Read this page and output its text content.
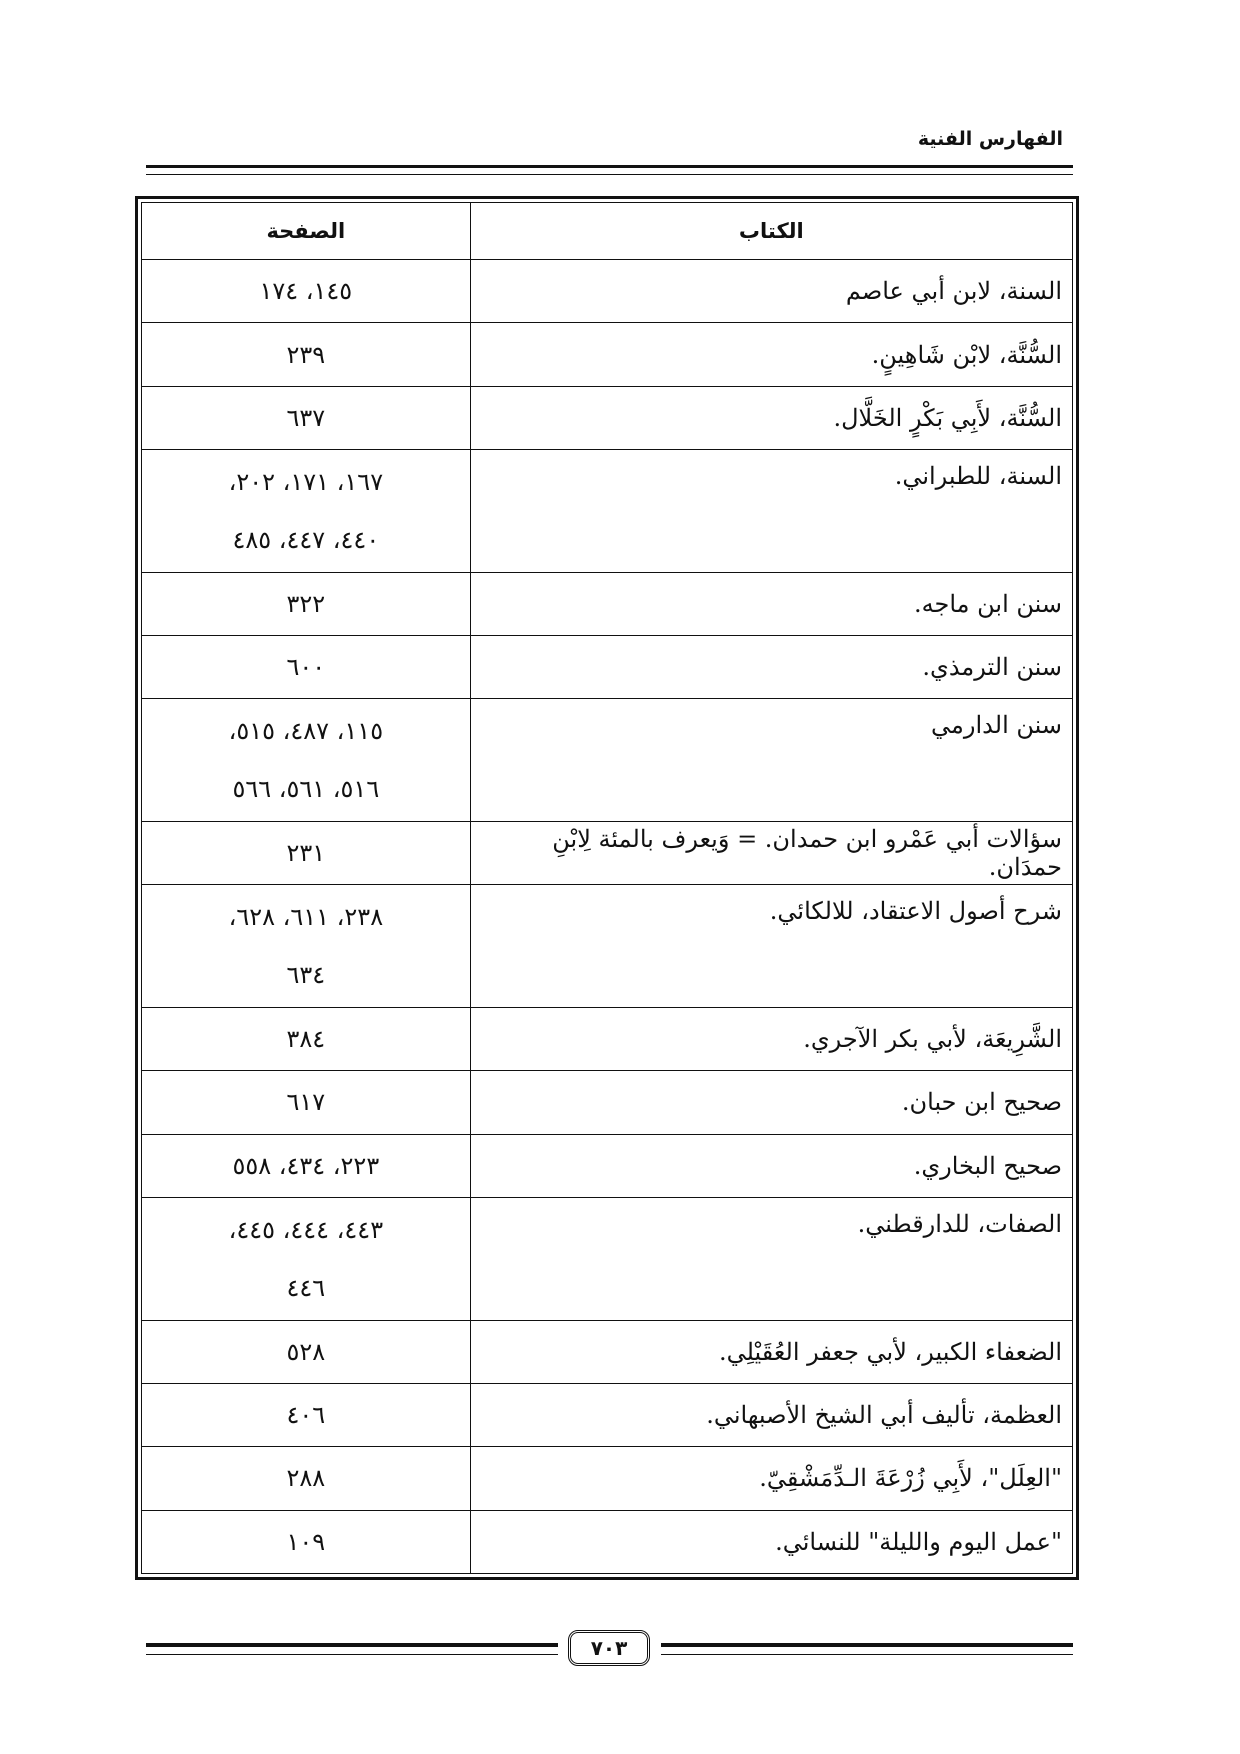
الفهارس الفنية
الكتاب	الصفحة
السنة، لابن أبي عاصم	١٤٥، ١٧٤

السُّنَّة، لابْن شَاهِينٍ.	٢٣٩

السُّنَّة، لأَبِي بَكْرٍ الخَلَّال.	٦٣٧

السنة، للطبراني.	١٦٧، ١٧١، ٢٠٢،
٤٤٠، ٤٤٧، ٤٨٥

سنن ابن ماجه.	٣٢٢

سنن الترمذي.	٦٠٠

سنن الدارمي	١١٥، ٤٨٧، ٥١٥،
٥١٦، ٥٦١، ٥٦٦

سؤالات أبي عَمْرو ابن حمدان. = وَيعرف بالمئة لِابْنِ حمدَان.	٢٣١

شرح أصول الاعتقاد، للالكائي.	٢٣٨، ٦١١، ٦٢٨،
٦٣٤

الشَّرِيعَة، لأبي بكر الآجري.	٣٨٤

صحيح ابن حبان.	٦١٧

صحيح البخاري.	٢٢٣، ٤٣٤، ٥٥٨

الصفات، للدارقطني.	٤٤٣، ٤٤٤، ٤٤٥،
٤٤٦

الضعفاء الكبير، لأبي جعفر العُقَيْلِي.	٥٢٨

العظمة، تأليف أبي الشيخ الأصبهاني.	٤٠٦

"العِلَل"، لأَبِي زُرْعَةَ الـدِّمَشْقِيّ.	٢٨٨

"عمل اليوم والليلة" للنسائي.	١٠٩
٧٠٣
